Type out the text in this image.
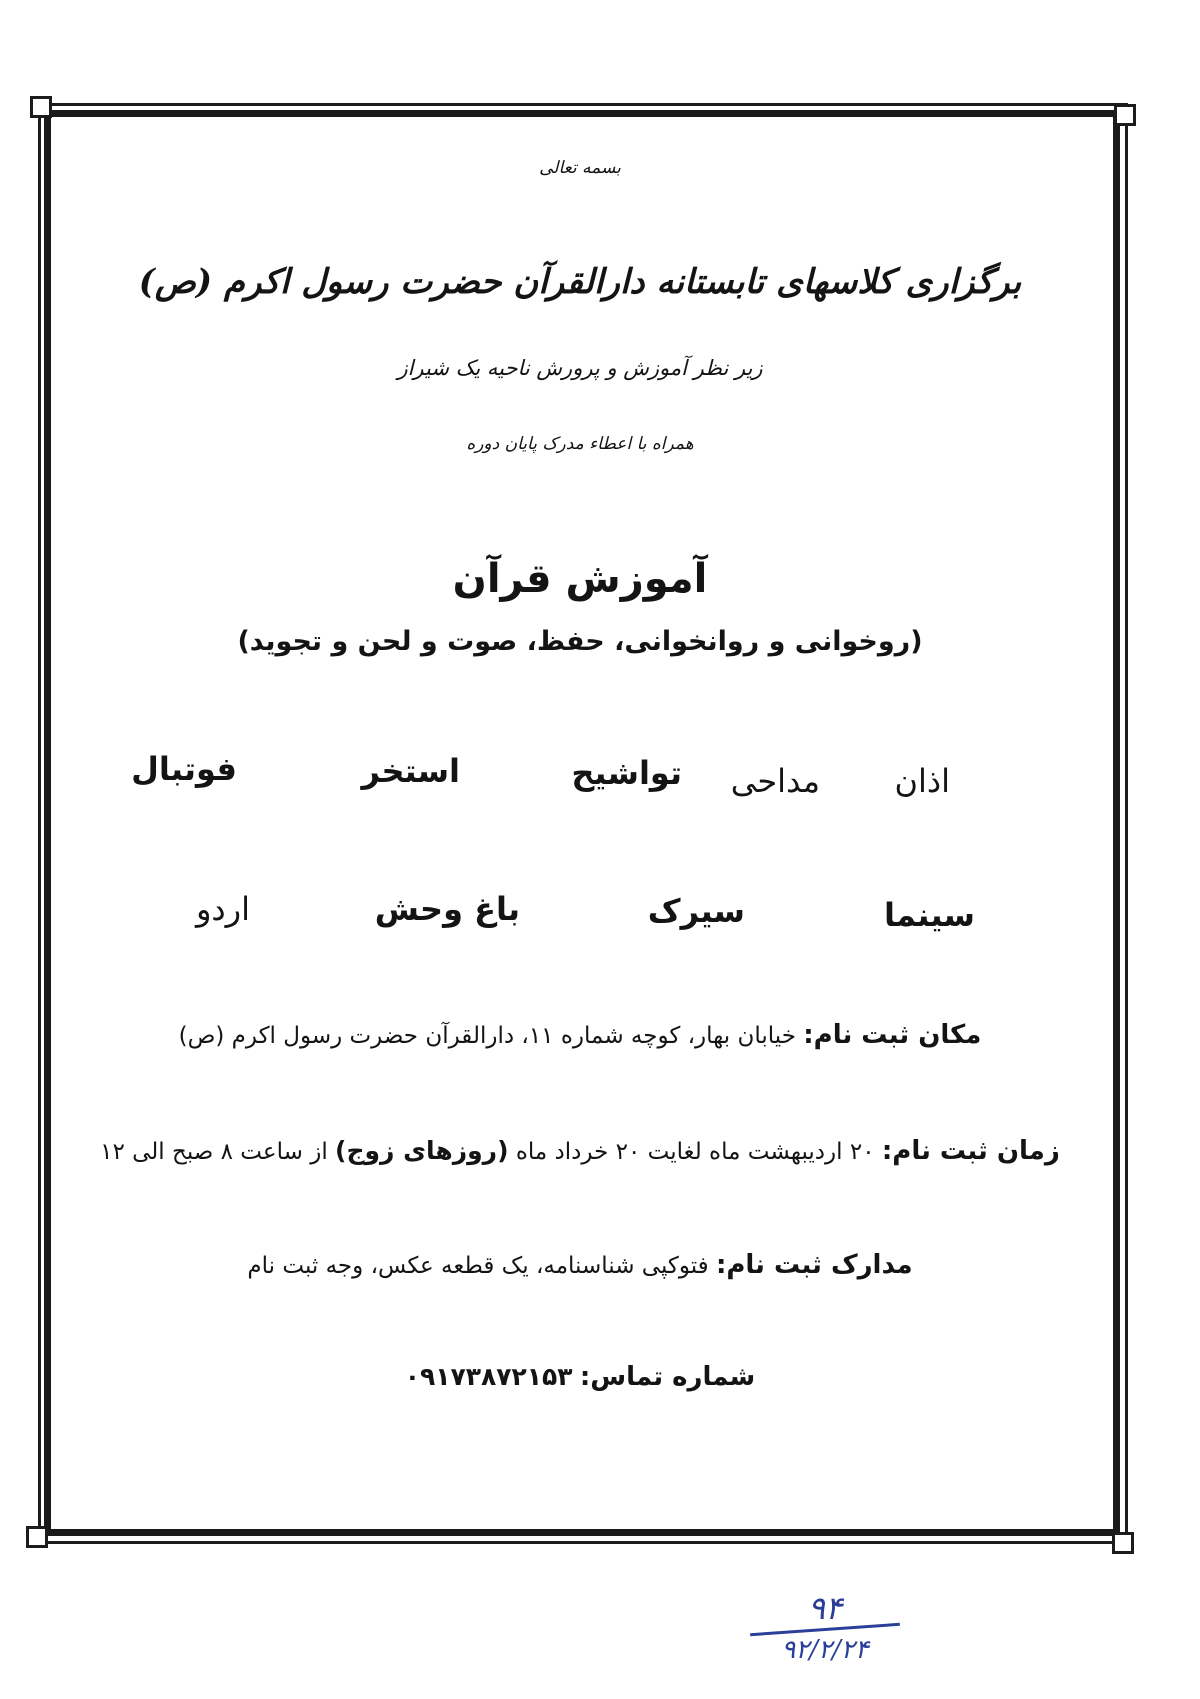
بسمه تعالی
برگزاری کلاسهای تابستانه دارالقرآن حضرت رسول اکرم (ص)
زیر نظر آموزش و پرورش ناحیه یک شیراز
همراه با اعطاء مدرک پایان دوره
آموزش قرآن
(روخوانی و روانخوانی، حفظ، صوت و لحن و تجوید)
اذان
مداحی
تواشیح
استخر
فوتبال
سینما
سیرک
باغ وحش
اردو
مکان ثبت نام: خیابان بهار، کوچه شماره ۱۱، دارالقرآن حضرت رسول اکرم (ص)
زمان ثبت نام: ۲۰ اردیبهشت ماه لغایت ۲۰ خرداد ماه (روزهای زوج) از ساعت ۸ صبح الی ۱۲
مدارک ثبت نام: فتوکپی شناسنامه، یک قطعه عکس، وجه ثبت نام
شماره تماس: ۰۹۱۷۳۸۷۲۱۵۳
۹۴
۹۲/۲/۲۴
